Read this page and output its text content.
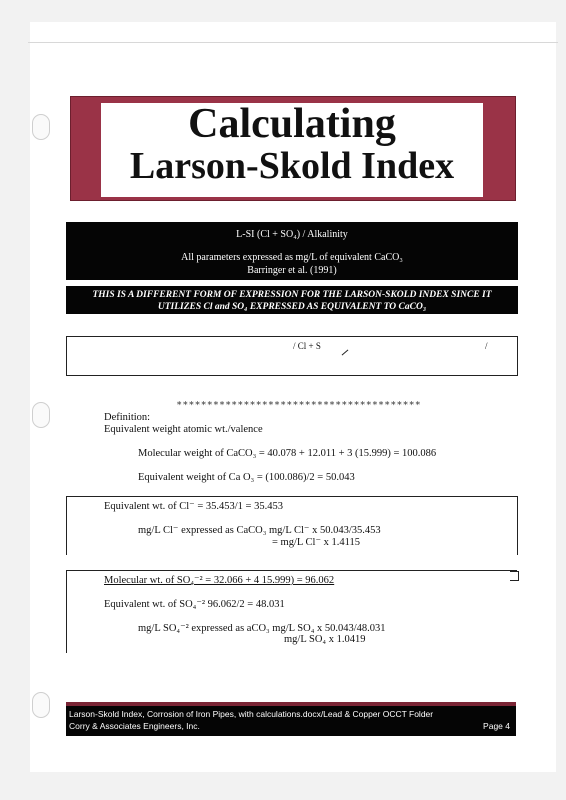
Calculating
Larson-Skold Index
L-SI (Cl + SO₄) / Alkalinity
All parameters expressed as mg/L of equivalent CaCO₃
Barringer et al. (1991)
THIS IS A DIFFERENT FORM OF EXPRESSION FOR THE LARSON-SKOLD INDEX SINCE IT
UTILIZES Cl and SO₄ EXPRESSED AS EQUIVALENT TO CaCO₃
/ Cl + S	/
∗∗∗∗∗∗∗∗∗∗∗∗∗∗∗∗∗∗∗∗∗∗∗∗∗∗∗∗∗∗∗∗∗∗∗∗∗∗∗∗
Definition:
Equivalent weight atomic wt./valence
Molecular weight of CaCO₃ = 40.078 + 12.011 + 3 (15.999) = 100.086
Equivalent weight of Ca O₃ = (100.086)/2 = 50.043
Equivalent wt. of Cl⁻ = 35.453/1 = 35.453
mg/L Cl⁻ expressed as CaCO₃ mg/L Cl⁻ x 50.043/35.453
= mg/L Cl⁻ x 1.4115
Molecular wt. of SO₄⁻² = 32.066 + 4 15.999) = 96.062
Equivalent wt. of SO₄⁻² 96.062/2 = 48.031
mg/L SO₄⁻² expressed as aCO₃ mg/L SO₄ x 50.043/48.031
mg/L SO₄ x 1.0419
Larson-Skold Index, Corrosion of Iron Pipes, with calculations.docx/Lead & Copper OCCT Folder
Corry & Associates Engineers, Inc.	Page 4
